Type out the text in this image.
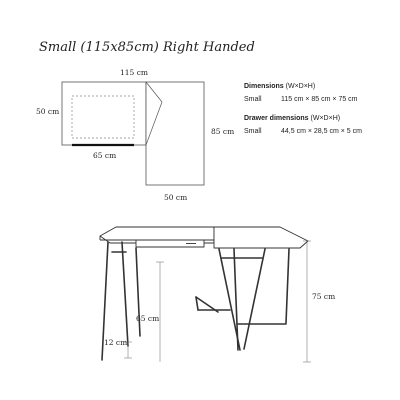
Small (115x85cm) Right Handed
115 cm
50 cm
65 cm
85 cm
50 cm
Dimensions (W×D×H)
Small	115 cm × 85 cm × 75 cm
Drawer dimensions (W×D×H)
Small	44,5 cm × 28,5 cm × 5 cm
75 cm
65 cm
12 cm
